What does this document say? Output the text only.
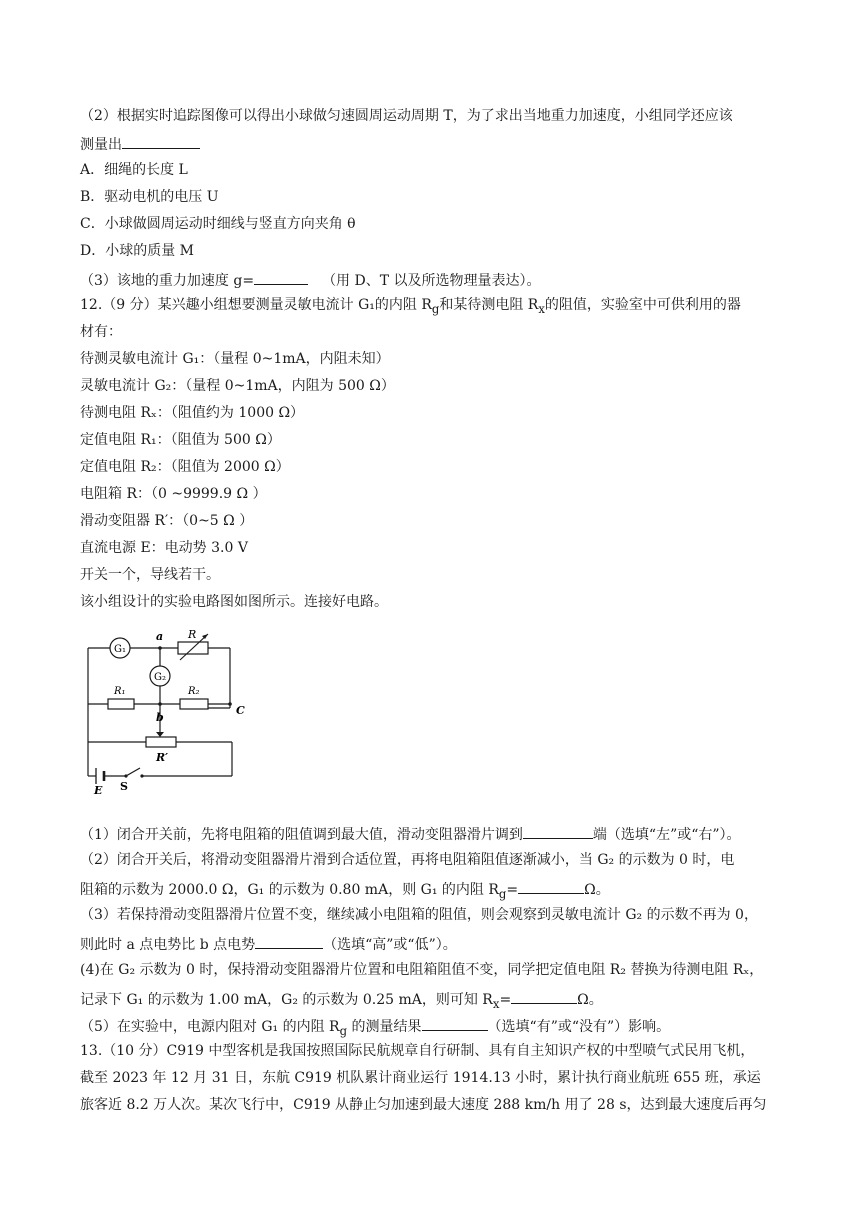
（2）根据实时追踪图像可以得出小球做匀速圆周运动周期 T，为了求出当地重力加速度，小组同学还应该
测量出
A．细绳的长度 L
B．驱动电机的电压 U
C．小球做圆周运动时细线与竖直方向夹角 θ
D．小球的质量 M
（3）该地的重力加速度 g=	（用 D、T 以及所选物理量表达）。
12.（9 分）某兴趣小组想要测量灵敏电流计 G₁的内阻 $R_g$和某待测电阻 $R_x$的阻值，实验室中可供利用的器
材有：
待测灵敏电流计 G₁：（量程 0~1mA，内阻未知）
灵敏电流计 G₂：（量程 0~1mA，内阻为 500 Ω）
待测电阻 Rₓ：（阻值约为 1000 Ω）
定值电阻 R₁：（阻值为 500 Ω）
定值电阻 R₂：（阻值为 2000 Ω）
电阻箱 R：（0 ~9999.9 Ω ）
滑动变阻器 R′：（0~5 Ω ）
直流电源 E：电动势 3.0 V
开关一个，导线若干。
该小组设计的实验电路图如图所示。连接好电路。
G₁
R
a
G₂
R₁	R₂
b
C
R′
E S
（1）闭合开关前，先将电阻箱的阻值调到最大值，滑动变阻器滑片调到	端（选填“左”或“右”）。
（2）闭合开关后，将滑动变阻器滑片滑到合适位置，再将电阻箱阻值逐渐减小，当 G₂ 的示数为 0 时，电
阻箱的示数为 2000.0 Ω，G₁ 的示数为 0.80 mA，则 G₁ 的内阻 $R_g=$	Ω。
（3）若保持滑动变阻器滑片位置不变，继续减小电阻箱的阻值，则会观察到灵敏电流计 G₂ 的示数不再为 0，
则此时 a 点电势比 b 点电势	（选填“高”或“低”）。
(4)在 G₂ 示数为 0 时，保持滑动变阻器滑片位置和电阻箱阻值不变，同学把定值电阻 R₂ 替换为待测电阻 Rₓ，
记录下 G₁ 的示数为 1.00 mA，G₂ 的示数为 0.25 mA，则可知 $R_x=$	Ω。
（5）在实验中，电源内阻对 G₁ 的内阻 $R_g$ 的测量结果	（选填“有”或“没有”）影响。
13.（10 分）C919 中型客机是我国按照国际民航规章自行研制、具有自主知识产权的中型喷气式民用飞机，
截至 2023 年 12 月 31 日，东航 C919 机队累计商业运行 1914.13 小时，累计执行商业航班 655 班，承运
旅客近 8.2 万人次。某次飞行中，C919 从静止匀加速到最大速度 288 km/h 用了 28 s，达到最大速度后再匀
